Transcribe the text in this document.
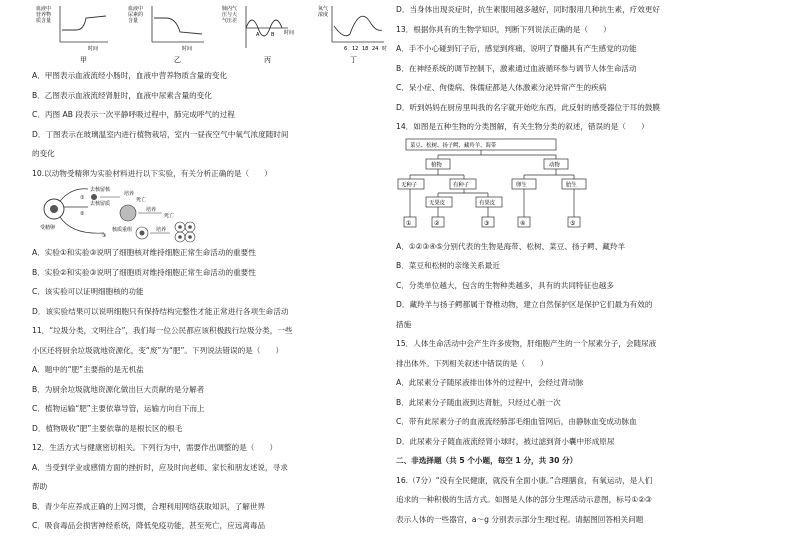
血液中
营养物
质含量
时间
甲
血液中
尿素的
含量
时间
乙
肺内气
压与大
气压差
A B 时间
丙
氧气
浓度
6 12 18 24 时
丁
A．甲图表示血液流经小肠时，血液中营养物质含量的变化
B．乙图表示血液流经肾脏时，血液中尿素含量的变化
C．丙图 AB 段表示一次平静呼吸过程中，肺完成呼气的过程
D．丁图表示在玻璃温室内进行植物栽培，室内一昼夜空气中氧气浓度随时间
的变化
10.以动物受精卵为实验材料进行以下实验，有关分析正确的是（　　）
受精卵
去核留核
培养
死亡
①
去核留质
培养
死亡
②
核质重组	培养
③
A．实验①和实验③说明了细胞核对维持细胞正常生命活动的重要性
B．实验②和实验③说明了细胞质对维持细胞正常生命活动的重要性
C．该实验可以证明细胞核的功能
D．该实验结果可以说明细胞只有保持结构完整性才能正常进行各项生命活动
11．“垃圾分类，文明往合”，我们每一位公民都应该积极践行垃圾分类，一些
小区还将厨余垃圾就地资源化，变“废”为“肥”。下列说法错误的是（　　）
A．题中的“肥”主要指的是无机盐
B．为厨余垃圾就地资源化做出巨大贡献的是分解者
C．植物运输“肥”主要依靠导管，运输方向自下而上
D．植物吸收“肥”主要依靠的是根长区的根毛
12．生活方式与健康密切相关。下列行为中，需要作出调整的是（　　）
A．当受到学业或感情方面的挫折时，应及时向老师、家长和朋友述说，寻求
帮助
B．青少年应养成正确的上网习惯，合理利用网络获取知识，了解世界
C．吸食毒品会损害神经系统，降低免疫功能，甚至死亡，应远离毒品
D．当身体出现炎症时，抗生素服用越多越好，同时服用几种抗生素，疗效更好
13．根据你具有的生物学知识，判断下列说法正确的是（　　）
A．手不小心碰到钉子后，感觉到疼痛，说明了脊髓具有产生感觉的功能
B．在神经系统的调节控制下，激素通过血液循环参与调节人体生命活动
C．呆小症、佝偻病、侏儒症都是人体激素分泌异常产生的疾病
D．听到妈妈在厨房里叫我的名字就开始吃东西，此反射的感受器位于耳的鼓膜
14．如图是五种生物的分类图解，有关生物分类的叙述，错误的是（　　）
菜豆、松树、扬子鳄、藏羚羊、海带
植物	动物
无种子	有种子	卵生	胎生
无果皮	有果皮
①	②	③	④	⑤
A．①②③④⑤分别代表的生物是海带、松树、菜豆、扬子鳄、藏羚羊
B．菜豆和松树的亲缘关系最近
C．分类单位越大，包含的生物种类越多，具有的共同特征也越多
D．藏羚羊与扬子鳄都属于脊椎动物，建立自然保护区是保护它们最为有效的
措施
15．人体生命活动中会产生许多废物，肝细胞产生的一个尿素分子，会随尿液
排出体外。下列相关叙述中错误的是（　　）
A．此尿素分子随尿液排出体外的过程中，会经过肾动脉
B．此尿素分子随血液到达肾脏，只经过心脏一次
C．带有此尿素分子的血液流经肺部毛细血管网后，由静脉血变成动脉血
D．此尿素分子随血液流经肾小球时，被过滤到肾小囊中形成原尿
二、非选择题（共 5 个小题，每空 1 分，共 30 分）
16.（7分）“没有全民健康，就没有全面小康。”合理膳食，有氧运动，是人们
追求的一种积极的生活方式。如图是人体的部分生理活动示意图，标号①②③
表示人体的一些器官，a～g 分别表示部分生理过程。请据图回答相关问题
